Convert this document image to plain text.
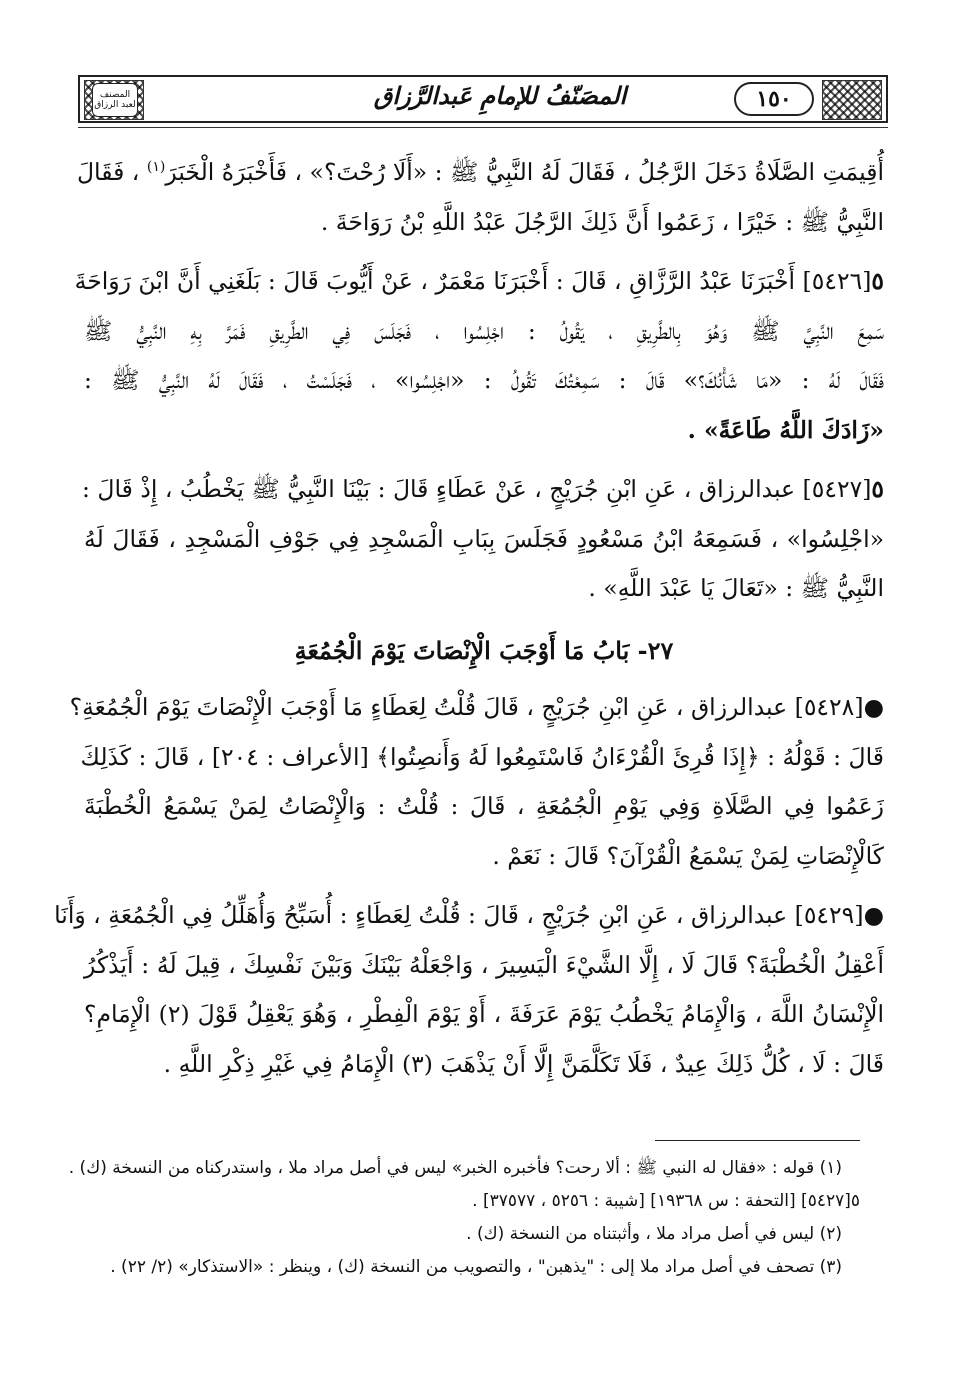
المصنف لعبد الرزاق	المصَنّفُ للإمامِ عَبدالرَّزاق	١٥٠
أُقِيمَتِ الصَّلَاةُ دَخَلَ الرَّجُلُ ، فَقَالَ لَهُ النَّبِيُّ ﷺ : «أَلَا رُحْتَ؟» ، فَأَخْبَرَهُ الْخَبَرَ$^{(١)}$ ، فَقَالَ
النَّبِيُّ ﷺ : خَيْرًا ، زَعَمُوا أَنَّ ذَلِكَ الرَّجُلَ عَبْدُ اللَّهِ بْنُ رَوَاحَةَ .
٥[٥٤٢٦] أَخْبَرَنَا عَبْدُ الرَّزَّاقِ ، قَالَ : أَخْبَرَنَا مَعْمَرٌ ، عَنْ أَيُّوبَ قَالَ : بَلَغَنِي أَنَّ ابْنَ رَوَاحَةَ
سَمِعَ النَّبِيَّ ﷺ وَهُوَ بِالطَّرِيقِ ، يَقُولُ : اجْلِسُوا ، فَجَلَسَ فِي الطَّرِيقِ فَمَرَّ بِهِ النَّبِيُّ ﷺ
فَقَالَ لَهُ : «مَا شَأْنُكَ؟» قَالَ : سَمِعْتُكَ تَقُولُ : «اجْلِسُوا» ، فَجَلَسْتُ ، فَقَالَ لَهُ النَّبِيُّ ﷺ :
«زَادَكَ اللَّهُ طَاعَةً» .
٥[٥٤٢٧] عبدالرزاق ، عَنِ ابْنِ جُرَيْجٍ ، عَنْ عَطَاءٍ قَالَ : بَيْنَا النَّبِيُّ ﷺ يَخْطُبُ ، إِذْ قَالَ :
«اجْلِسُوا» ، فَسَمِعَهُ ابْنُ مَسْعُودٍ فَجَلَسَ بِبَابِ الْمَسْجِدِ فِي جَوْفِ الْمَسْجِدِ ، فَقَالَ لَهُ
النَّبِيُّ ﷺ : «تَعَالَ يَا عَبْدَ اللَّهِ» .
٢٧- بَابُ مَا أَوْجَبَ الْإِنْصَاتَ يَوْمَ الْجُمُعَةِ
●[٥٤٢٨] عبدالرزاق ، عَنِ ابْنِ جُرَيْجٍ ، قَالَ قُلْتُ لِعَطَاءٍ مَا أَوْجَبَ الْإِنْصَاتَ يَوْمَ الْجُمُعَةِ؟
قَالَ : قَوْلُهُ : ﴿إِذَا قُرِئَ الْقُرْءَانُ فَاسْتَمِعُوا لَهُ وَأَنصِتُوا﴾ [الأعراف : ٢٠٤] ، قَالَ : كَذَلِكَ
زَعَمُوا فِي الصَّلَاةِ وَفِي يَوْمِ الْجُمُعَةِ ، قَالَ : قُلْتُ : وَالْإِنْصَاتُ لِمَنْ يَسْمَعُ الْخُطْبَةَ
كَالْإِنْصَاتِ لِمَنْ يَسْمَعُ الْقُرْآنَ؟ قَالَ : نَعَمْ .
●[٥٤٢٩] عبدالرزاق ، عَنِ ابْنِ جُرَيْجٍ ، قَالَ : قُلْتُ لِعَطَاءٍ : أُسَبِّحُ وَأُهَلِّلُ فِي الْجُمُعَةِ ، وَأَنَا
أَعْقِلُ الْخُطْبَةَ؟ قَالَ لَا ، إِلَّا الشَّيْءَ الْيَسِيرَ ، وَاجْعَلْهُ بَيْنَكَ وَبَيْنَ نَفْسِكَ ، قِيلَ لَهُ : أَيَذْكُرُ
الْإِنْسَانُ اللَّهَ ، وَالْإِمَامُ يَخْطُبُ يَوْمَ عَرَفَةَ ، أَوْ يَوْمَ الْفِطْرِ ، وَهُوَ يَعْقِلُ قَوْلَ (٢) الْإِمَامِ؟
قَالَ : لَا ، كُلُّ ذَلِكَ عِيدٌ ، فَلَا تَكَلَّمَنَّ إِلَّا أَنْ يَذْهَبَ (٣) الْإِمَامُ فِي غَيْرِ ذِكْرِ اللَّهِ .
(١) قوله : «فقال له النبي ﷺ : ألا رحت؟ فأخبره الخبر» ليس في أصل مراد ملا ، واستدركناه من النسخة (ك) .
٥[٥٤٢٧] [التحفة : س ١٩٣٦٨] [شيبة : ٥٢٥٦ ، ٣٧٥٧٧] .
(٢) ليس في أصل مراد ملا ، وأثبتناه من النسخة (ك) .
(٣) تصحف في أصل مراد ملا إلى : "يذهبن" ، والتصويب من النسخة (ك) ، وينظر : «الاستذكار» (٢/ ٢٢) .
